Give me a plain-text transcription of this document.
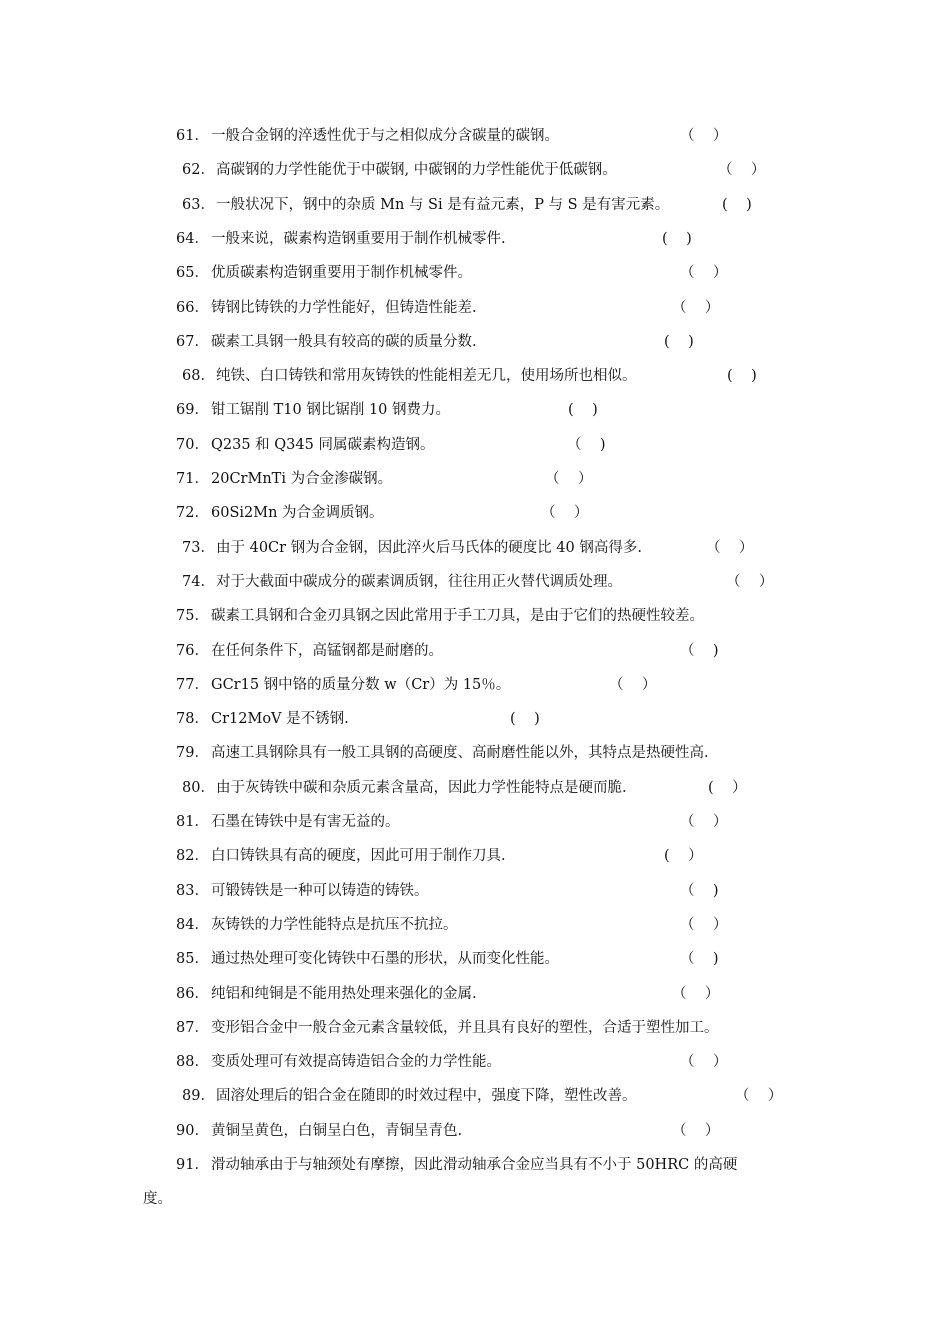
61． 一般合金钢的淬透性优于与之相似成分含碳量的碳钢。	（    ）
62． 高碳钢的力学性能优于中碳钢, 中碳钢的力学性能优于低碳钢。	（    ）
63． 一般状况下，钢中的杂质 Mn 与 Si 是有益元素，P 与 S 是有害元素。	(    )
64． 一般来说，碳素构造钢重要用于制作机械零件.	(    )
65． 优质碳素构造钢重要用于制作机械零件。	（    ）
66． 铸钢比铸铁的力学性能好，但铸造性能差.	（    ）
67． 碳素工具钢一般具有较高的碳的质量分数.	(    )
68． 纯铁、白口铸铁和常用灰铸铁的性能相差无几，使用场所也相似。	(    )
69． 钳工锯削 T10 钢比锯削 10 钢费力。	(    )
70． Q235 和 Q345 同属碳素构造钢。	（    )
71． 20CrMnTi 为合金渗碳钢。	（    ）
72． 60Si2Mn 为合金调质钢。	（    ）
73． 由于 40Cr 钢为合金钢，因此淬火后马氏体的硬度比 40 钢高得多.	（    ）
74． 对于大截面中碳成分的碳素调质钢，往往用正火替代调质处理。	（    ）
75． 碳素工具钢和合金刃具钢之因此常用于手工刀具，是由于它们的热硬性较差。
76． 在任何条件下，高锰钢都是耐磨的。	（    )
77． GCr15 钢中铬的质量分数 w（Cr）为 15％。	（    ）
78． Cr12MoV 是不锈钢.	(    )
79． 高速工具钢除具有一般工具钢的高硬度、高耐磨性能以外，其特点是热硬性高.
80． 由于灰铸铁中碳和杂质元素含量高，因此力学性能特点是硬而脆.	(    ）
81． 石墨在铸铁中是有害无益的。	（    ）
82． 白口铸铁具有高的硬度，因此可用于制作刀具.	(    ）
83． 可锻铸铁是一种可以铸造的铸铁。	（    )
84． 灰铸铁的力学性能特点是抗压不抗拉。	（    ）
85． 通过热处理可变化铸铁中石墨的形状，从而变化性能。	（    )
86． 纯铝和纯铜是不能用热处理来强化的金属.	（    ）
87． 变形铝合金中一般合金元素含量较低，并且具有良好的塑性，合适于塑性加工。
88． 变质处理可有效提高铸造铝合金的力学性能。	（    ）
89． 固溶处理后的铝合金在随即的时效过程中，强度下降，塑性改善。	（    ）
90． 黄铜呈黄色，白铜呈白色，青铜呈青色.	（    ）
91． 滑动轴承由于与轴颈处有摩擦，因此滑动轴承合金应当具有不小于 50HRC 的高硬
度。
